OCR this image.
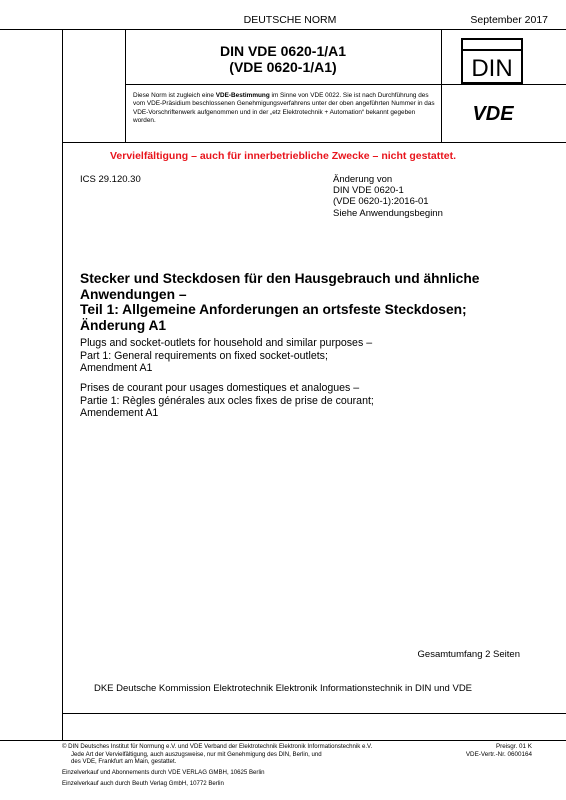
DEUTSCHE NORM	September 2017
DIN VDE 0620-1/A1
(VDE 0620-1/A1)	DIN
Diese Norm ist zugleich eine VDE-Bestimmung im Sinne von VDE 0022. Sie ist nach Durchführung des vom VDE-Präsidium beschlossenen Genehmigungsverfahrens unter der oben angeführten Nummer in das VDE-Vorschriftenwerk aufgenommen und in der „etz Elektrotechnik + Automation“ bekannt gegeben worden.	VDE
Vervielfältigung – auch für innerbetriebliche Zwecke – nicht gestattet.
ICS 29.120.30	Änderung von
DIN VDE 0620-1
(VDE 0620-1):2016-01
Siehe Anwendungsbeginn
Stecker und Steckdosen für den Hausgebrauch und ähnliche
Anwendungen –
Teil 1: Allgemeine Anforderungen an ortsfeste Steckdosen;
Änderung A1
Plugs and socket-outlets for household and similar purposes –
Part 1: General requirements on fixed socket-outlets;
Amendment A1
Prises de courant pour usages domestiques et analogues –
Partie 1: Règles générales aux ocles fixes de prise de courant;
Amendement A1
Gesamtumfang 2 Seiten
DKE Deutsche Kommission Elektrotechnik Elektronik Informationstechnik in DIN und VDE
© DIN Deutsches Institut für Normung e.V. und VDE Verband der Elektrotechnik Elektronik Informationstechnik e.V.
Jede Art der Vervielfältigung, auch auszugsweise, nur mit Genehmigung des DIN, Berlin, und
des VDE, Frankfurt am Main, gestattet.
Preisgr. 01 K
VDE-Vertr.-Nr. 0600164
Einzelverkauf und Abonnements durch VDE VERLAG GMBH, 10625 Berlin
Einzelverkauf auch durch Beuth Verlag GmbH, 10772 Berlin
